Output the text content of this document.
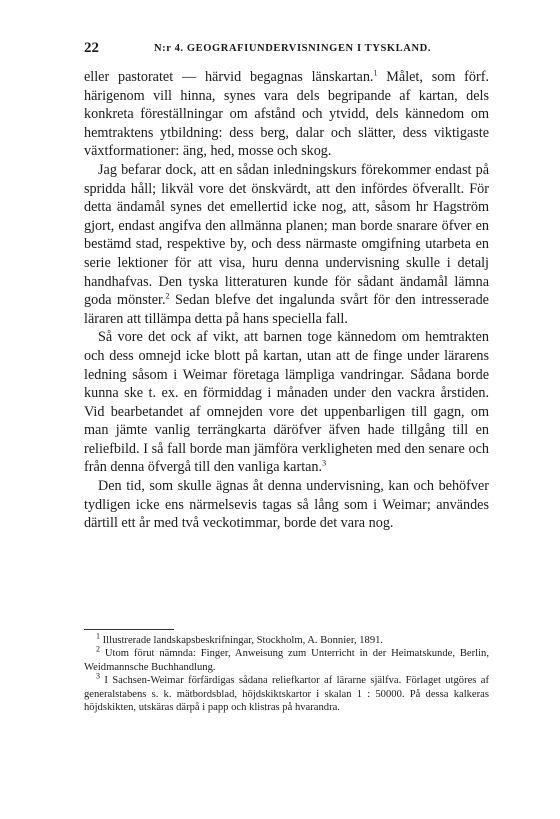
22	N:r 4. GEOGRAFIUNDERVISNINGEN I TYSKLAND.

eller pastoratet — härvid begagnas länskartan.$^1$ Målet, som förf. härigenom vill hinna, synes vara dels begripande af kartan, dels konkreta föreställningar om afstånd och ytvidd, dels kännedom om hemtraktens ytbildning: dess berg, dalar och slätter, dess viktigaste växtformationer: äng, hed, mosse och skog.

Jag befarar dock, att en sådan inledningskurs förekommer endast på spridda håll; likväl vore det önskvärdt, att den infördes öfverallt. För detta ändamål synes det emellertid icke nog, att, såsom hr Hagström gjort, endast angifva den allmänna planen; man borde snarare öfver en bestämd stad, respektive by, och dess närmaste omgifning utarbeta en serie lektioner för att visa, huru denna undervisning skulle i detalj handhafvas. Den tyska litteraturen kunde för sådant ändamål lämna goda mönster.$^2$ Sedan blefve det ingalunda svårt för den intresserade läraren att tillämpa detta på hans speciella fall.

Så vore det ock af vikt, att barnen toge kännedom om hemtrakten och dess omnejd icke blott på kartan, utan att de finge under lärarens ledning såsom i Weimar företaga lämpliga vandringar. Sådana borde kunna ske t. ex. en förmiddag i månaden under den vackra årstiden. Vid bearbetandet af omnejden vore det uppenbarligen till gagn, om man jämte vanlig terrängkarta däröfver äfven hade tillgång till en reliefbild. I så fall borde man jämföra verkligheten med den senare och från denna öfvergå till den vanliga kartan.$^3$

Den tid, som skulle ägnas åt denna undervisning, kan och behöfver tydligen icke ens närmelsevis tagas så lång som i Weimar; användes därtill ett år med två veckotimmar, borde det vara nog.

$^1$ Illustrerade landskapsbeskrifningar, Stockholm, A. Bonnier, 1891.

$^2$ Utom förut nämnda: Finger, Anweisung zum Unterricht in der Heimatskunde, Berlin, Weidmannsche Buchhandlung.

$^3$ I Sachsen-Weimar förfärdigas sådana reliefkartor af lärarne själfva. Förlaget utgöres af generalstabens s. k. mätbordsblad, höjdskiktskartor i skalan 1 : 50000. På dessa kalkeras höjdskikten, utskäras därpå i papp och klistras på hvarandra.
